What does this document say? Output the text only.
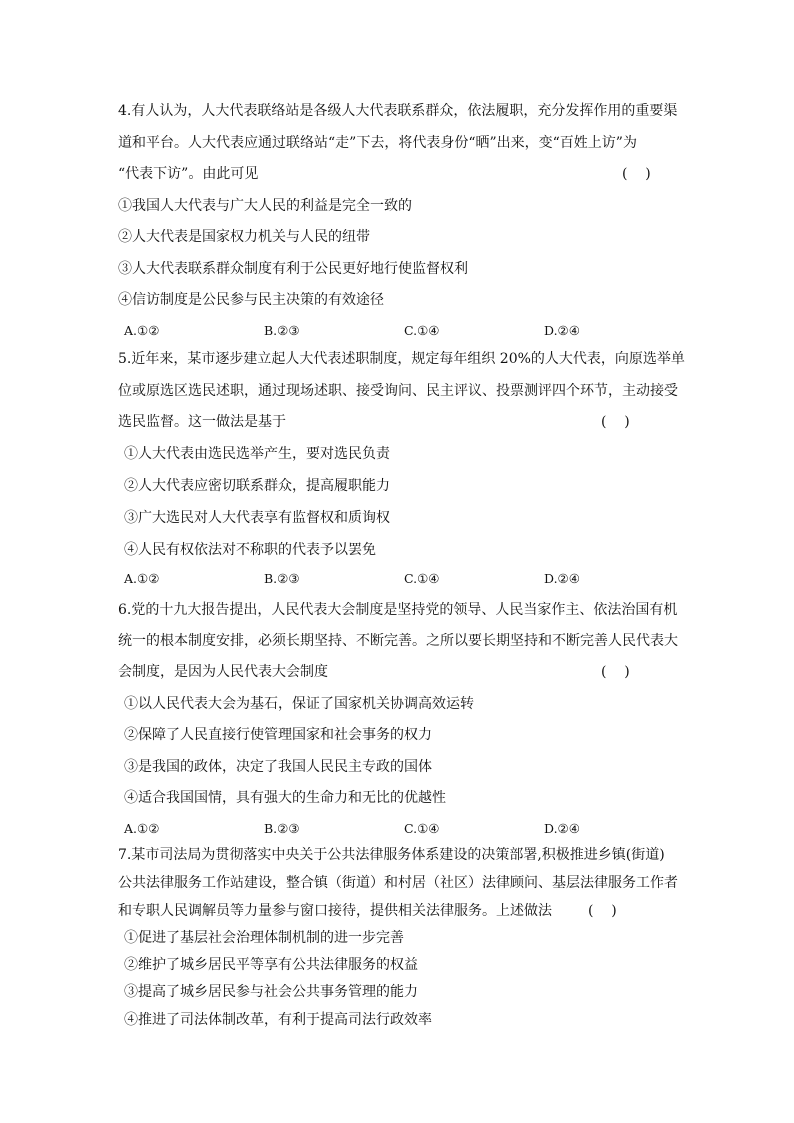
4.有人认为，人大代表联络站是各级人大代表联系群众，依法履职，充分发挥作用的重要渠
道和平台。人大代表应通过联络站“走”下去，将代表身份“晒”出来，变“百姓上访”为
“代表下访”。由此可见	(    )
①我国人大代表与广大人民的利益是完全一致的
②人大代表是国家权力机关与人民的纽带
③人大代表联系群众制度有利于公民更好地行使监督权利
④信访制度是公民参与民主决策的有效途径
A.①②	B.②③	C.①④	D.②④
5.近年来，某市逐步建立起人大代表述职制度，规定每年组织 20%的人大代表，向原选举单
位或原选区选民述职，通过现场述职、接受询问、民主评议、投票测评四个环节，主动接受
选民监督。这一做法是基于	(    )
①人大代表由选民选举产生，要对选民负责
②人大代表应密切联系群众，提高履职能力
③广大选民对人大代表享有监督权和质询权
④人民有权依法对不称职的代表予以罢免
A.①②	B.②③	C.①④	D.②④
6.党的十九大报告提出，人民代表大会制度是坚持党的领导、人民当家作主、依法治国有机
统一的根本制度安排，必须长期坚持、不断完善。之所以要长期坚持和不断完善人民代表大
会制度，是因为人民代表大会制度	(    )
①以人民代表大会为基石，保证了国家机关协调高效运转
②保障了人民直接行使管理国家和社会事务的权力
③是我国的政体，决定了我国人民民主专政的国体
④适合我国国情，具有强大的生命力和无比的优越性
A.①②	B.②③	C.①④	D.②④
7.某市司法局为贯彻落实中央关于公共法律服务体系建设的决策部署,积极推进乡镇(街道)
公共法律服务工作站建设，整合镇（街道）和村居（社区）法律顾问、基层法律服务工作者
和专职人民调解员等力量参与窗口接待，提供相关法律服务。上述做法	(    )
①促进了基层社会治理体制机制的进一步完善
②维护了城乡居民平等享有公共法律服务的权益
③提高了城乡居民参与社会公共事务管理的能力
④推进了司法体制改革，有利于提高司法行政效率
